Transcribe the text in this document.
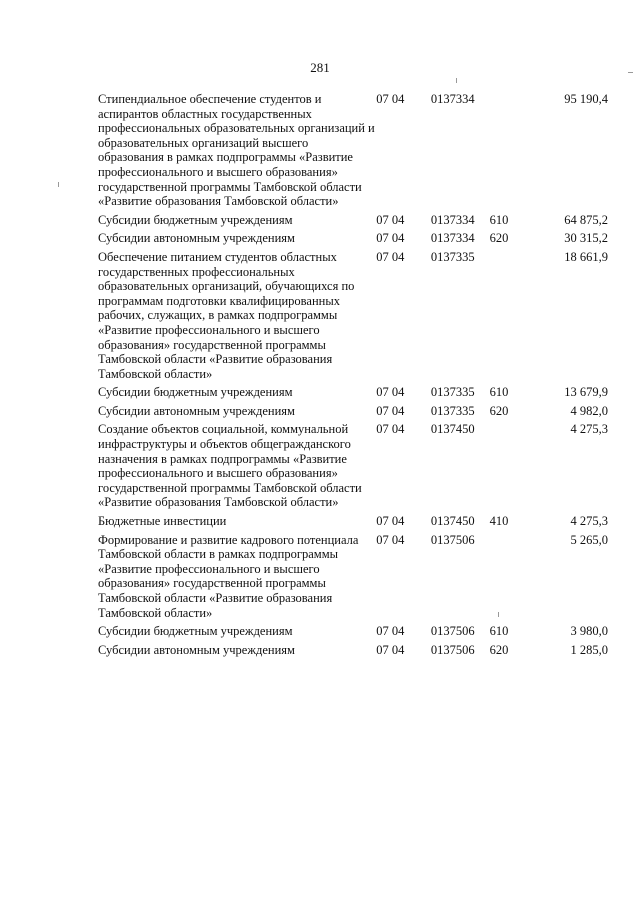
281
Стипендиальное обеспечение студентов и аспирантов областных государственных профессиональных образовательных организаций и образовательных организаций высшего образования в рамках подпрограммы «Развитие профессионального и высшего образования» государственной программы Тамбовской области «Развитие образования Тамбовской области»	07 04	0137334		95 190,4
Субсидии бюджетным учреждениям	07 04	0137334	610	64 875,2
Субсидии автономным учреждениям	07 04	0137334	620	30 315,2
Обеспечение питанием студентов областных государственных профессиональных образовательных организаций, обучающихся по программам подготовки квалифицированных рабочих, служащих, в рамках подпрограммы «Развитие профессионального и высшего образования» государственной программы Тамбовской области «Развитие образования Тамбовской области»	07 04	0137335		18 661,9
Субсидии бюджетным учреждениям	07 04	0137335	610	13 679,9
Субсидии автономным учреждениям	07 04	0137335	620	4 982,0
Создание объектов социальной, коммунальной инфраструктуры и объектов общегражданского назначения в рамках подпрограммы «Развитие профессионального и высшего образования» государственной программы Тамбовской области «Развитие образования Тамбовской области»	07 04	0137450		4 275,3
Бюджетные инвестиции	07 04	0137450	410	4 275,3
Формирование и развитие кадрового потенциала Тамбовской области в рамках подпрограммы «Развитие профессионального и высшего образования» государственной программы Тамбовской области «Развитие образования Тамбовской области»	07 04	0137506		5 265,0
Субсидии бюджетным учреждениям	07 04	0137506	610	3 980,0
Субсидии автономным учреждениям	07 04	0137506	620	1 285,0
